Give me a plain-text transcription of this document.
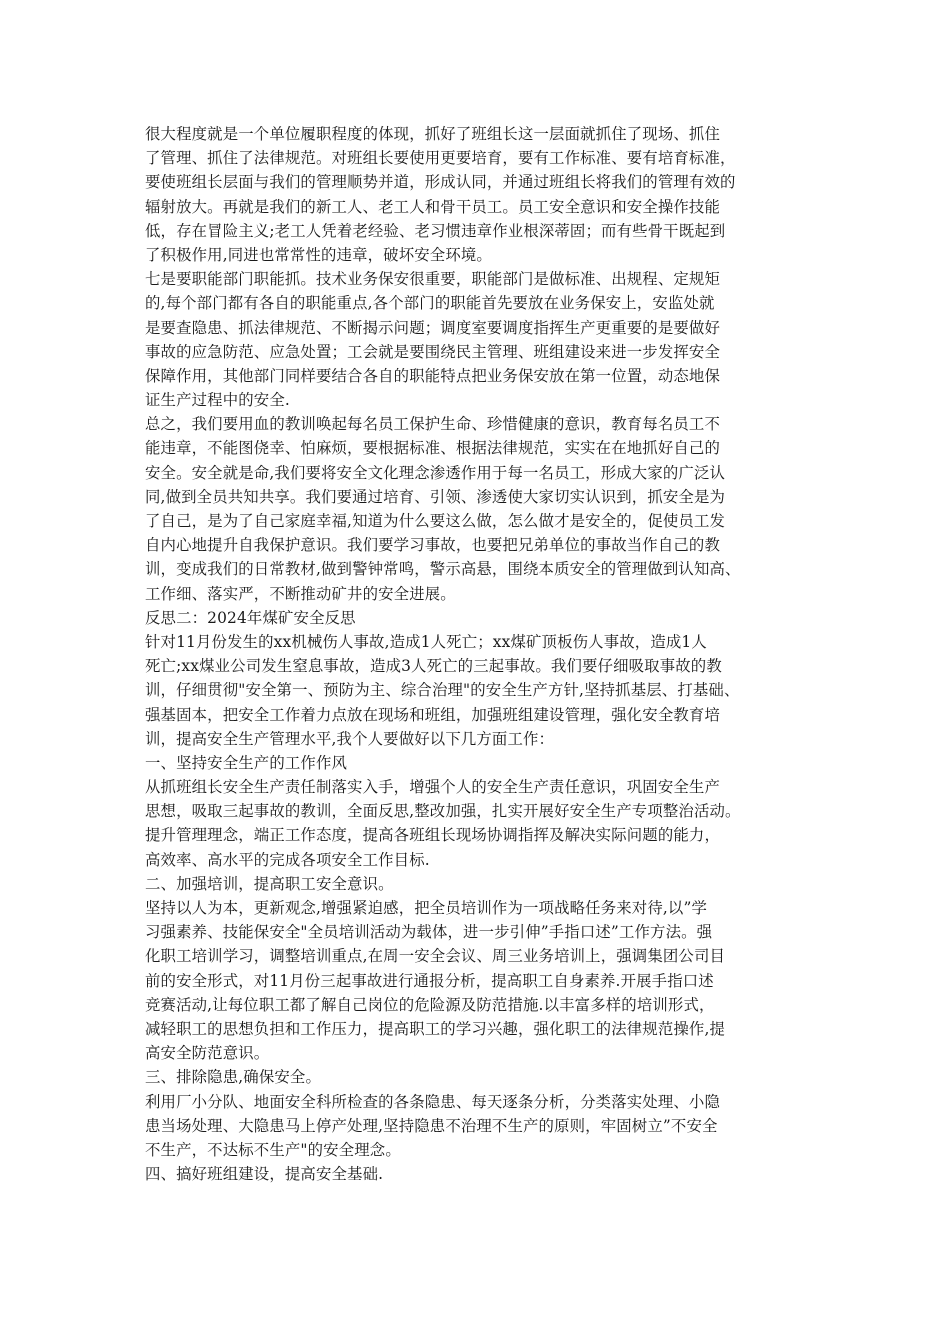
很大程度就是一个单位履职程度的体现，抓好了班组长这一层面就抓住了现场、抓住
了管理、抓住了法律规范。对班组长要使用更要培育，要有工作标准、要有培育标准，
要使班组长层面与我们的管理顺势并道，形成认同，并通过班组长将我们的管理有效的
辐射放大。再就是我们的新工人、老工人和骨干员工。员工安全意识和安全操作技能
低，存在冒险主义;老工人凭着老经验、老习惯违章作业根深蒂固；而有些骨干既起到
了积极作用,同进也常常性的违章，破坏安全环境。
七是要职能部门职能抓。技术业务保安很重要，职能部门是做标准、出规程、定规矩
的,每个部门都有各自的职能重点,各个部门的职能首先要放在业务保安上，安监处就
是要查隐患、抓法律规范、不断揭示问题；调度室要调度指挥生产更重要的是要做好
事故的应急防范、应急处置；工会就是要围绕民主管理、班组建设来进一步发挥安全
保障作用，其他部门同样要结合各自的职能特点把业务保安放在第一位置，动态地保
证生产过程中的安全.
总之，我们要用血的教训唤起每名员工保护生命、珍惜健康的意识，教育每名员工不
能违章，不能图侥幸、怕麻烦，要根据标准、根据法律规范，实实在在地抓好自己的
安全。安全就是命,我们要将安全文化理念渗透作用于每一名员工，形成大家的广泛认
同,做到全员共知共享。我们要通过培育、引领、渗透使大家切实认识到，抓安全是为
了自己，是为了自己家庭幸福,知道为什么要这么做，怎么做才是安全的，促使员工发
自内心地提升自我保护意识。我们要学习事故，也要把兄弟单位的事故当作自己的教
训，变成我们的日常教材,做到警钟常鸣，警示高悬，围绕本质安全的管理做到认知高、
工作细、落实严，不断推动矿井的安全进展。
反思二：2024年煤矿安全反思
针对11月份发生的xx机械伤人事故,造成1人死亡；xx煤矿顶板伤人事故，造成1人
死亡;xx煤业公司发生窒息事故，造成3人死亡的三起事故。我们要仔细吸取事故的教
训，仔细贯彻"安全第一、预防为主、综合治理"的安全生产方针,坚持抓基层、打基础、
强基固本，把安全工作着力点放在现场和班组，加强班组建设管理，强化安全教育培
训，提高安全生产管理水平,我个人要做好以下几方面工作：
一、坚持安全生产的工作作风
从抓班组长安全生产责任制落实入手，增强个人的安全生产责任意识，巩固安全生产
思想，吸取三起事故的教训，全面反思,整改加强，扎实开展好安全生产专项整治活动。
提升管理理念，端正工作态度，提高各班组长现场协调指挥及解决实际问题的能力，
高效率、高水平的完成各项安全工作目标.
二、加强培训，提高职工安全意识。
坚持以人为本，更新观念,增强紧迫感，把全员培训作为一项战略任务来对待,以”学
习强素养、技能保安全"全员培训活动为载体，进一步引伸”手指口述”工作方法。强
化职工培训学习，调整培训重点,在周一安全会议、周三业务培训上，强调集团公司目
前的安全形式，对11月份三起事故进行通报分析，提高职工自身素养.开展手指口述
竞赛活动,让每位职工都了解自己岗位的危险源及防范措施.以丰富多样的培训形式，
减轻职工的思想负担和工作压力，提高职工的学习兴趣，强化职工的法律规范操作,提
高安全防范意识。
三、排除隐患,确保安全。
利用厂小分队、地面安全科所检查的各条隐患、每天逐条分析，分类落实处理、小隐
患当场处理、大隐患马上停产处理,坚持隐患不治理不生产的原则，牢固树立”不安全
不生产，不达标不生产"的安全理念。
四、搞好班组建设，提高安全基础.
